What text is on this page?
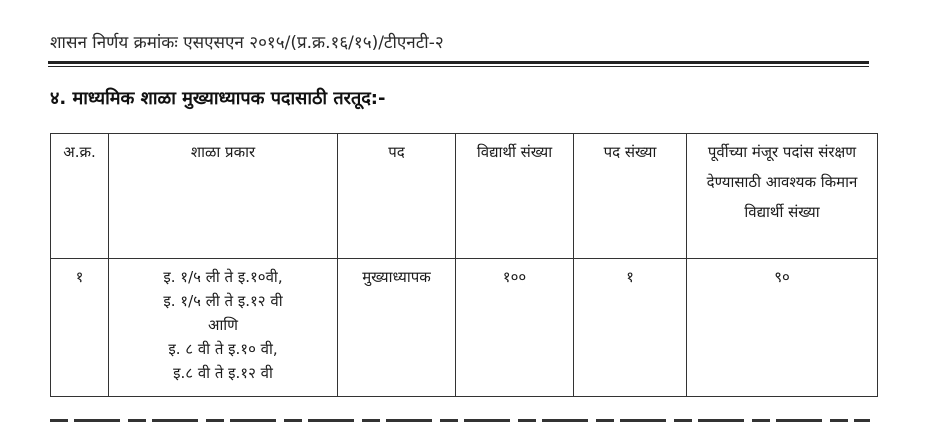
शासन निर्णय क्रमांकः एसएसएन २०१५/(प्र.क्र.१६/१५)/टीएनटी-२
४. माध्यमिक शाळा मुख्याध्यापक पदासाठी तरतूद:-
अ.क्र.	शाळा प्रकार	पद	विद्यार्थी संख्या	पद संख्या	पूर्वीच्या मंजूर पदांस संरक्षण देण्यासाठी आवश्यक किमान विद्यार्थी संख्या
१	इ. १/५ ली ते इ.१०वी,
इ. १/५ ली ते इ.१२ वी
आणि
इ. ८ वी ते इ.१० वी,
इ.८ वी ते इ.१२ वी	मुख्याध्यापक	१००	१	९०
